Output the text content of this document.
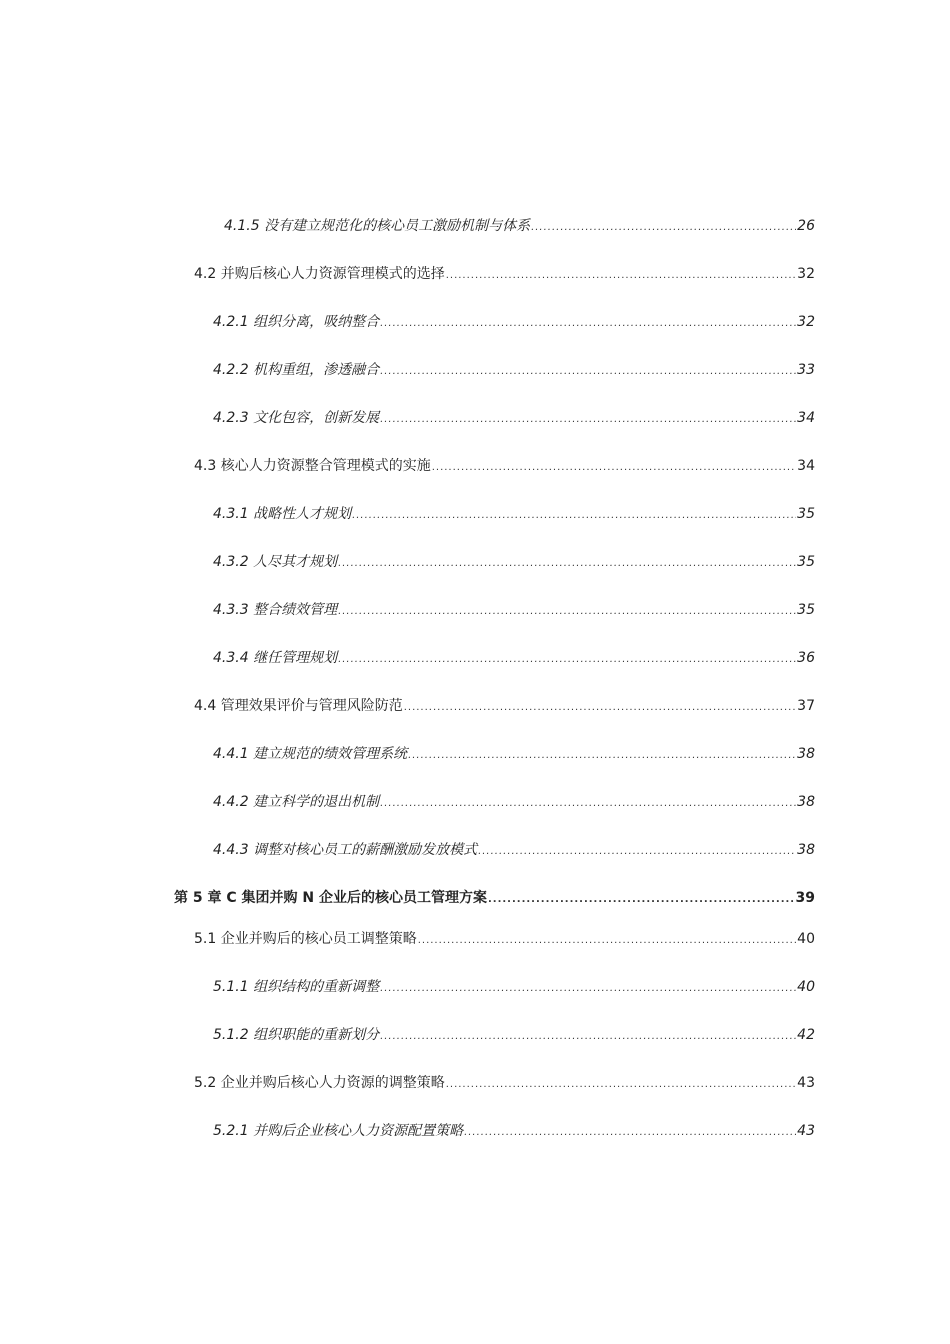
4.1.5 没有建立规范化的核心员工激励机制与体系 .....	26
4.2 并购后核心人力资源管理模式的选择 .....	32
4.2.1 组织分离，吸纳整合 .....	32
4.2.2 机构重组，渗透融合 .....	33
4.2.3 文化包容，创新发展 .....	34
4.3 核心人力资源整合管理模式的实施 .....	34
4.3.1 战略性人才规划 .....	35
4.3.2 人尽其才规划 .....	35
4.3.3 整合绩效管理 .....	35
4.3.4 继任管理规划 .....	36
4.4 管理效果评价与管理风险防范 .....	37
4.4.1 建立规范的绩效管理系统 .....	38
4.4.2 建立科学的退出机制 .....	38
4.4.3 调整对核心员工的薪酬激励发放模式 .....	38
第 5 章 C 集团并购 N 企业后的核心员工管理方案 .....	39
5.1 企业并购后的核心员工调整策略 .....	40
5.1.1 组织结构的重新调整 .....	40
5.1.2 组织职能的重新划分 .....	42
5.2 企业并购后核心人力资源的调整策略 .....	43
5.2.1 并购后企业核心人力资源配置策略 .....	43
